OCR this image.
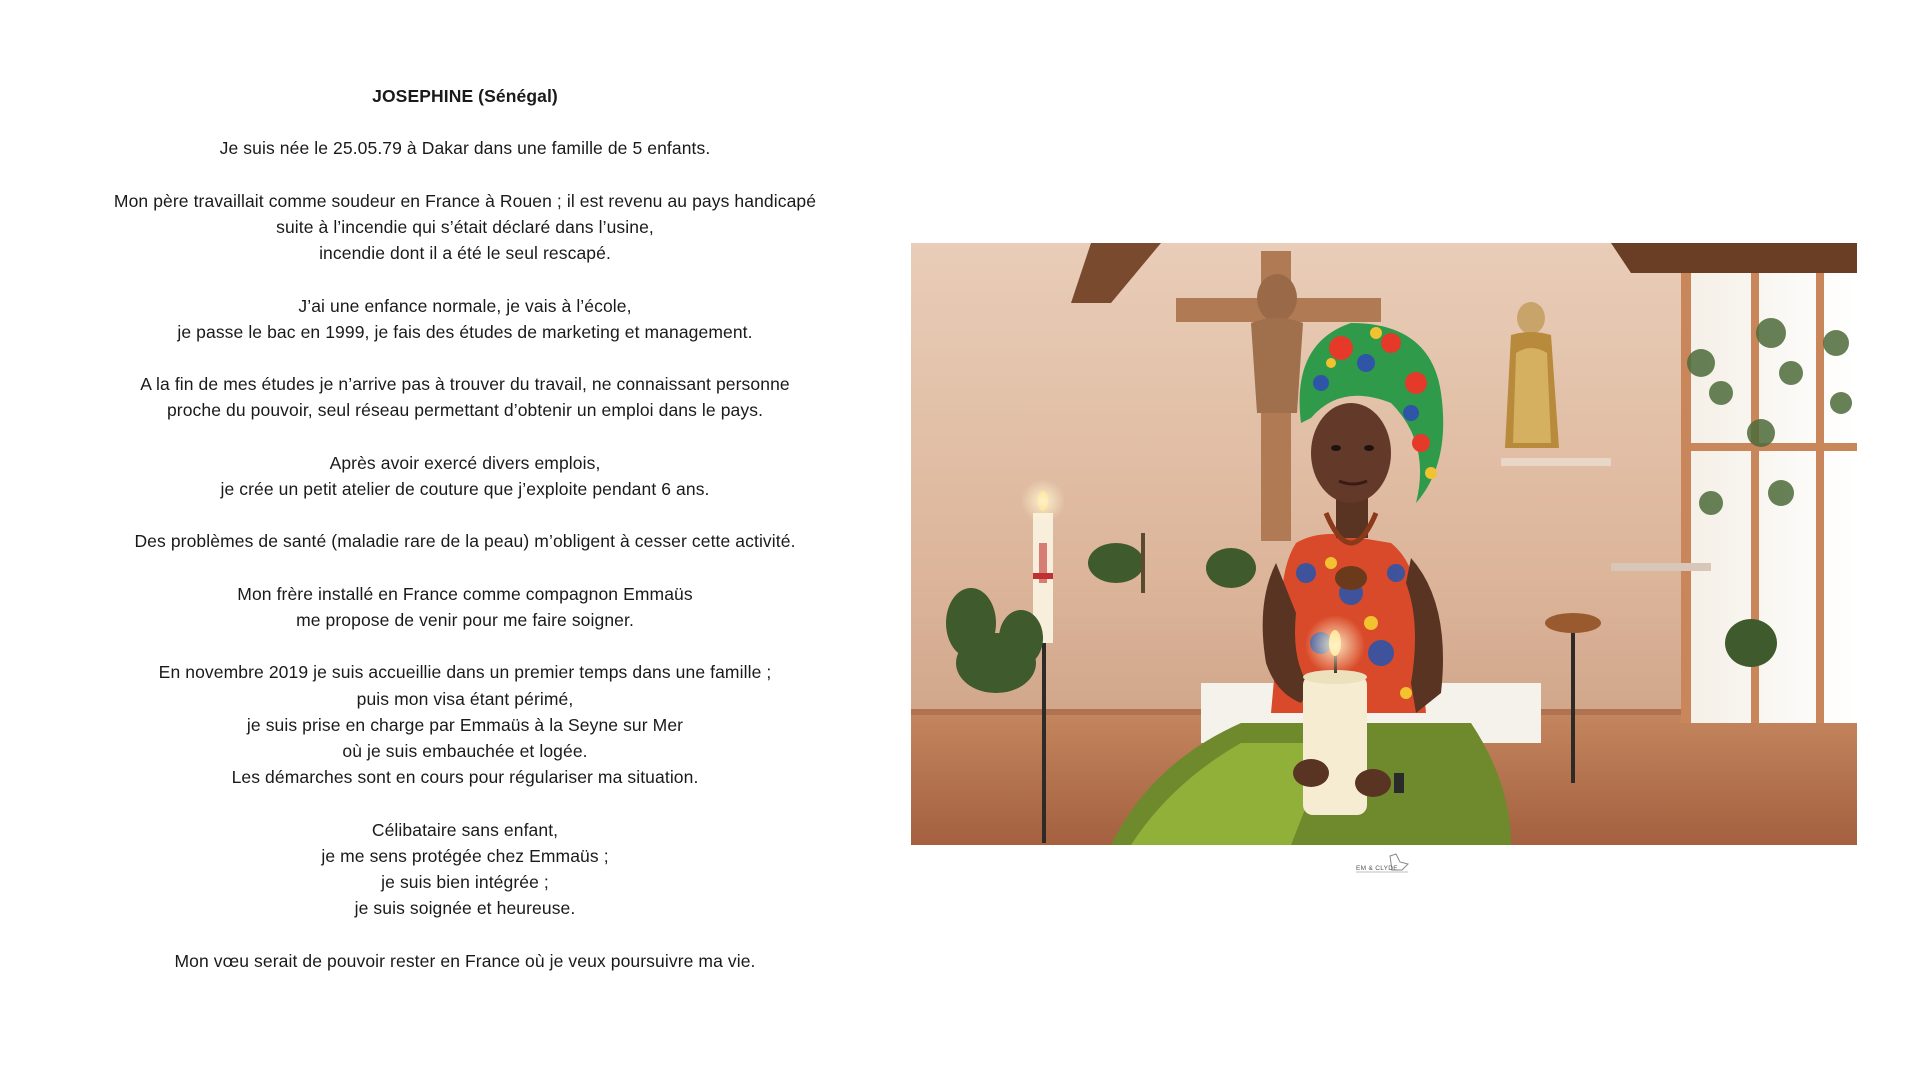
JOSEPHINE (Sénégal)
Je suis née le 25.05.79 à Dakar dans une famille de 5 enfants.
Mon père travaillait comme soudeur en France à Rouen ; il est revenu au pays handicapé
suite à l’incendie qui s’était déclaré dans l’usine,
incendie dont il a été le seul rescapé.
J’ai une enfance normale, je vais à l’école,
je passe le bac en 1999, je fais des études de marketing et management.
A la fin de mes études je n’arrive pas à trouver du travail, ne connaissant personne
proche du pouvoir, seul réseau permettant d’obtenir un emploi dans le pays.
Après avoir exercé divers emplois,
je crée un petit atelier de couture que j’exploite pendant 6 ans.
Des problèmes de santé (maladie rare de la peau) m’obligent à cesser cette activité.
Mon frère installé en France comme compagnon Emmaüs
me propose de venir pour me faire soigner.
En novembre 2019 je suis accueillie dans un premier temps dans une famille ;
puis mon visa étant périmé,
je suis prise en charge par Emmaüs à la Seyne sur Mer
où je suis embauchée et logée.
Les démarches sont en cours pour régulariser ma situation.
Célibataire sans enfant,
je me sens protégée chez Emmaüs ;
je suis bien intégrée ;
je suis soignée et heureuse.
Mon vœu serait de pouvoir rester en France où je veux poursuivre ma vie.
EM & CLYDE
